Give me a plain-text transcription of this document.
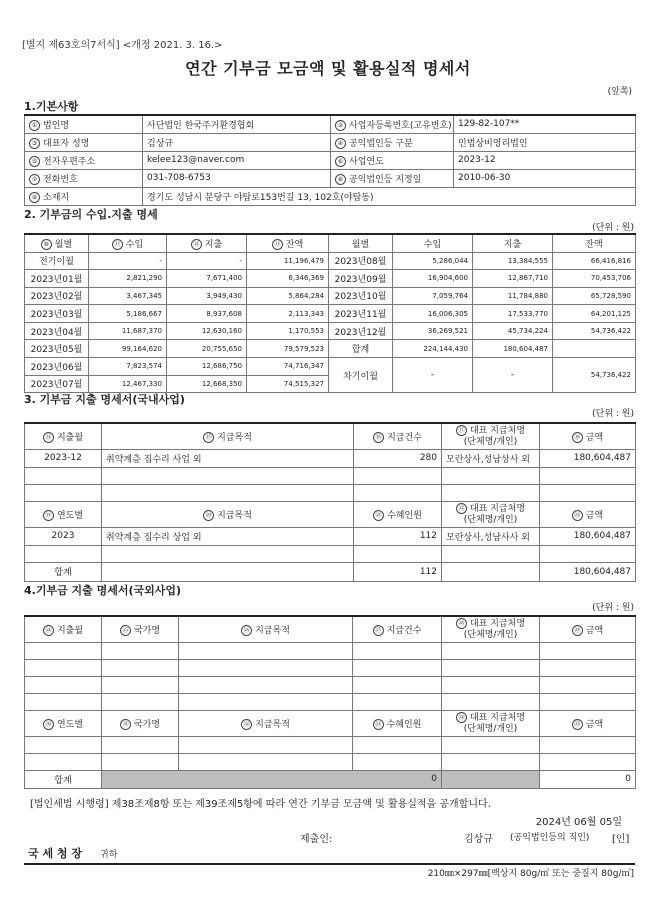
[별지 제63호의7서식] <개정 2021. 3. 16.>
연간 기부금 모금액 및 활용실적 명세서
(앞쪽)
1.기본사항
① 법인명	사단법인 한국주거환경협회	② 사업자등록번호(고유번호)	129-82-107**
③ 대표자 성명	김상규	④ 공익법인등 구분	민법상비영리법인
⑤ 전자우편주소	kelee123@naver.com	⑥ 사업연도	2023-12
⑦ 전화번호	031-708-6753	⑧ 공익법인등 지정일	2010-06-30
⑨ 소재지	경기도 성남시 분당구 야탑로153번길 13, 102호(야탑동)		
2. 기부금의 수입.지출 명세
(단위 : 원)
⑩ 월별	⑪ 수입	⑫ 지출	⑬ 잔액	월별	수입	지출	잔액
전기이월	-	-	11,196,479	2023년08월	5,286,044	13,384,555	66,416,816
2023년01월	2,821,290	7,671,400	6,346,369	2023년09월	16,904,600	12,867,710	70,453,706
2023년02월	3,467,345	3,949,430	5,864,284	2023년10월	7,059,764	11,784,880	65,728,590
2023년03월	5,186,667	8,937,608	2,113,343	2023년11월	16,006,305	17,533,770	64,201,125
2023년04월	11,687,370	12,630,160	1,170,553	2023년12월	36,269,521	45,734,224	54,736,422
2023년05월	99,164,620	20,755,650	79,579,523	합계	224,144,430	180,604,487	
2023년06월	7,823,574	12,686,750	74,716,347	차기이월	-	-	54,736,422
2023년07월	12,467,330	12,668,350	74,515,327				
3. 기부금 지출 명세서(국내사업)
(단위 : 원)
⑭ 지출월	⑮ 지급목적	⑯ 지급건수	⑰ 대표 지급처명
(단체명/개인)	⑱ 금액
2023-12	취약계층 집수리 사업 외	280	모란상사,성남상사 외	180,604,487

⑲ 연도별	⑳ 지급목적	㉑ 수혜인원	㉒ 대표 지급처명
(단체명/개인)	㉓ 금액
2023	취약계층 집수리 상업 외	112	모란상사,성남사사 외	180,604,487

합계		112		180,604,487
4.기부금 지출 명세서(국외사업)
(단위 : 원)
㉔ 지출월	㉕ 국가명	㉖ 지급목적	㉗ 지급건수	㉘ 대표 지급처명
(단체명/개인)	㉙ 금액

㉚ 연도별	㉛ 국가명	㉜ 지급목적	㉝ 수혜인원	㉞ 대표 지급처명
(단체명/개인)	㉟ 금액

합계	0				0
[법인세법 시행령] 제38조제8항 또는 제39조제5항에 따라 연간 기부금 모금액 및 활용실적을 공개합니다.
2024년 06월 05일
제출인:	김상규 (공익법인등의 직인) [인]
국 세 청 장 귀하
210㎜×297㎜[백상지 80g/㎡ 또는 중질지 80g/㎡]
